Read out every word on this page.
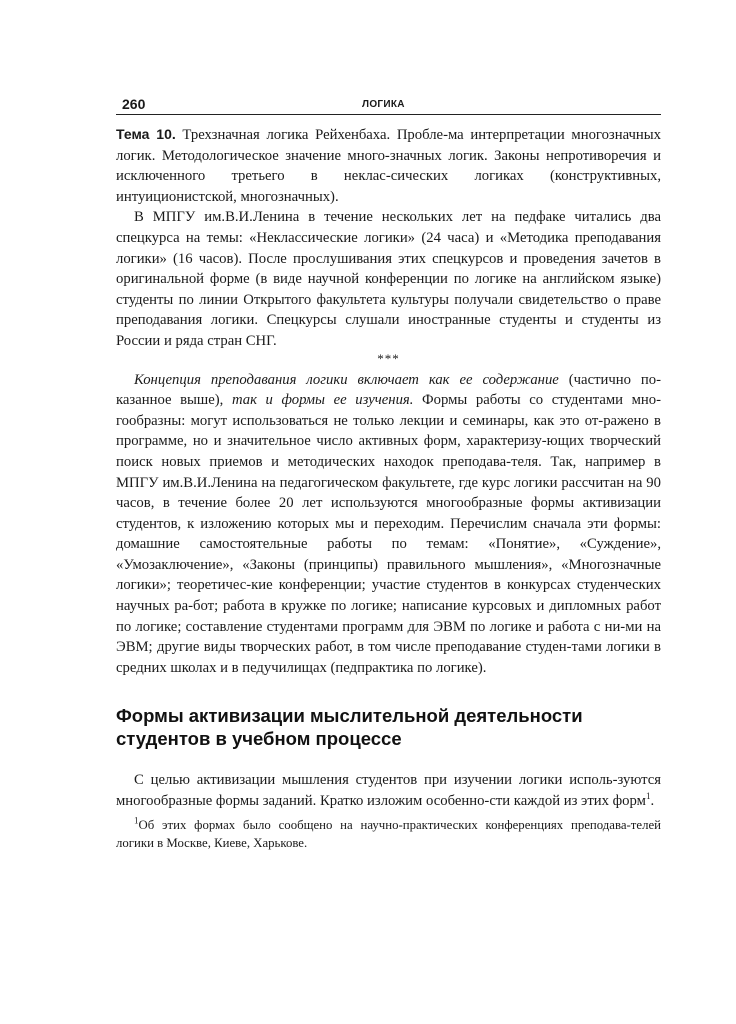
260	ЛОГИКА

Тема 10. Трехзначная логика Рейхенбаха. Пробле-ма интерпретации многозначных логик. Методологическое значение много-значных логик. Законы непротиворечия и исключенного третьего в неклас-сических логиках (конструктивных, интуиционистской, многозначных).

В МПГУ им.В.И.Ленина в течение нескольких лет на педфаке читались два спецкурса на темы: «Неклассические логики» (24 часа) и «Методика преподавания логики» (16 часов). После прослушивания этих спецкурсов и проведения зачетов в оригинальной форме (в виде научной конференции по логике на английском языке) студенты по линии Открытого факультета культуры получали свидетельство о праве преподавания логики. Спецкурсы слушали иностранные студенты и студенты из России и ряда стран СНГ.

***

Концепция преподавания логики включает как ее содержание (частично по-казанное выше), так и формы ее изучения. Формы работы со студентами мно-гообразны: могут использоваться не только лекции и семинары, как это от-ражено в программе, но и значительное число активных форм, характеризу-ющих творческий поиск новых приемов и методических находок преподава-теля. Так, например в МПГУ им.В.И.Ленина на педагогическом факультете, где курс логики рассчитан на 90 часов, в течение более 20 лет используются многообразные формы активизации студентов, к изложению которых мы и переходим. Перечислим сначала эти формы: домашние самостоятельные работы по темам: «Понятие», «Суждение», «Умозаключение», «Законы (принципы) правильного мышления», «Многозначные логики»; теоретичес-кие конференции; участие студентов в конкурсах студенческих научных ра-бот; работа в кружке по логике; написание курсовых и дипломных работ по логике; составление студентами программ для ЭВМ по логике и работа с ни-ми на ЭВМ; другие виды творческих работ, в том числе преподавание студен-тами логики в средних школах и в педучилищах (педпрактика по логике).

Формы активизации мыслительной деятельности студентов в учебном процессе

С целью активизации мышления студентов при изучении логики исполь-зуются многообразные формы заданий. Кратко изложим особенно-сти каждой из этих форм$^1$.

$^1$Об этих формах было сообщено на научно-практических конференциях преподава-телей логики в Москве, Киеве, Харькове.
